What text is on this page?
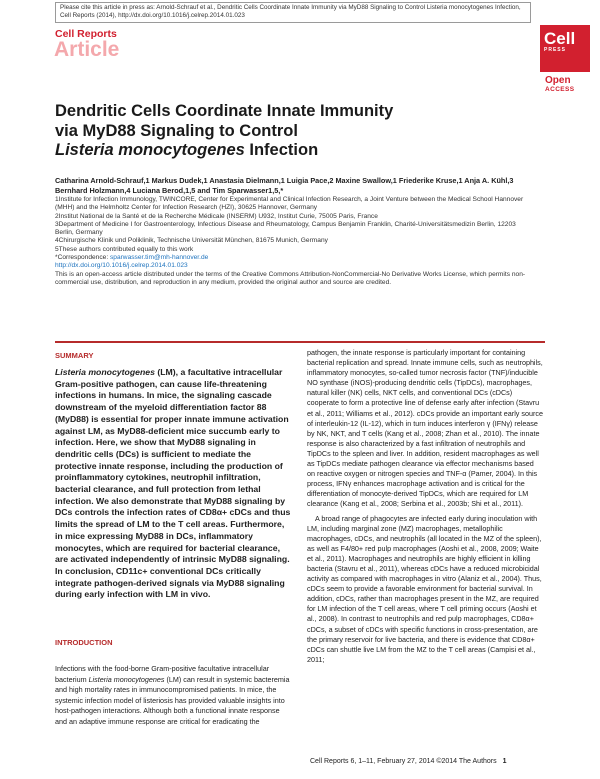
Please cite this article in press as: Arnold-Schrauf et al., Dendritic Cells Coordinate Innate Immunity via MyD88 Signaling to Control Listeria monocytogenes Infection, Cell Reports (2014), http://dx.doi.org/10.1016/j.celrep.2014.01.023
Cell Reports
Article	Cell
PRESS
Open
ACCESS
Dendritic Cells Coordinate Innate Immunity
via MyD88 Signaling to Control
Listeria monocytogenes Infection
Catharina Arnold-Schrauf,1 Markus Dudek,1 Anastasia Dielmann,1 Luigia Pace,2 Maxine Swallow,1 Friederike Kruse,1 Anja A. Kühl,3 Bernhard Holzmann,4 Luciana Berod,1,5 and Tim Sparwasser1,5,*
1Institute for Infection Immunology, TWINCORE, Center for Experimental and Clinical Infection Research, a Joint Venture between the Medical School Hannover (MHH) and the Helmholtz Center for Infection Research (HZI), 30625 Hannover, Germany
2Institut National de la Santé et de la Recherche Médicale (INSERM) U932, Institut Curie, 75005 Paris, France
3Department of Medicine I for Gastroenterology, Infectious Disease and Rheumatology, Campus Benjamin Franklin, Charité-Universitätsmedizin Berlin, 12203 Berlin, Germany
4Chirurgische Klinik und Poliklinik, Technische Universität München, 81675 Munich, Germany
5These authors contributed equally to this work
*Correspondence: sparwasser.tim@mh-hannover.de
http://dx.doi.org/10.1016/j.celrep.2014.01.023
This is an open-access article distributed under the terms of the Creative Commons Attribution-NonCommercial-No Derivative Works License, which permits non-commercial use, distribution, and reproduction in any medium, provided the original author and source are credited.
SUMMARY
Listeria monocytogenes (LM), a facultative intracellular Gram-positive pathogen, can cause life-threatening infections in humans. In mice, the signaling cascade downstream of the myeloid differentiation factor 88 (MyD88) is essential for proper innate immune activation against LM, as MyD88-deficient mice succumb early to infection. Here, we show that MyD88 signaling in dendritic cells (DCs) is sufficient to mediate the protective innate response, including the production of proinflammatory cytokines, neutrophil infiltration, bacterial clearance, and full protection from lethal infection. We also demonstrate that MyD88 signaling by DCs controls the infection rates of CD8α+ cDCs and thus limits the spread of LM to the T cell areas. Furthermore, in mice expressing MyD88 in DCs, inflammatory monocytes, which are required for bacterial clearance, are activated independently of intrinsic MyD88 signaling. In conclusion, CD11c+ conventional DCs critically integrate pathogen-derived signals via MyD88 signaling during early infection with LM in vivo.
INTRODUCTION
Infections with the food-borne Gram-positive facultative intracellular bacterium Listeria monocytogenes (LM) can result in systemic bacteremia and high mortality rates in immunocompromised patients. In mice, the systemic infection model of listeriosis has provided valuable insights into host-pathogen interactions. Although both a functional innate response and an adaptive immune response are critical for eradicating the

pathogen, the innate response is particularly important for containing bacterial replication and spread. Innate immune cells, such as neutrophils, inflammatory monocytes, so-called tumor necrosis factor (TNF)/inducible NO synthase (iNOS)-producing dendritic cells (TipDCs), macrophages, natural killer (NK) cells, NKT cells, and conventional DCs (cDCs) cooperate to form a protective line of defense early after infection (Stavru et al., 2011; Williams et al., 2012). cDCs provide an important early source of interleukin-12 (IL-12), which in turn induces interferon γ (IFNγ) release by NK, NKT, and T cells (Kang et al., 2008; Zhan et al., 2010). The innate response is also characterized by a fast infiltration of neutrophils and TipDCs to the spleen and liver. In addition, resident macrophages as well as TipDCs mediate pathogen clearance via effector mechanisms based on reactive oxygen or nitrogen species and TNF-α (Pamer, 2004). In this process, IFNγ enhances macrophage activation and is critical for the differentiation of monocyte-derived TipDCs, which are required for LM clearance (Kang et al., 2008; Serbina et al., 2003b; Shi et al., 2011).

A broad range of phagocytes are infected early during inoculation with LM, including marginal zone (MZ) macrophages, metallophilic macrophages, cDCs, and neutrophils (all located in the MZ of the spleen), as well as F4/80+ red pulp macrophages (Aoshi et al., 2008, 2009; Waite et al., 2011). Macrophages and neutrophils are highly efficient in killing bacteria (Stavru et al., 2011), whereas cDCs have a reduced microbicidal activity as compared with macrophages in vitro (Alaniz et al., 2004). Thus, cDCs seem to provide a favorable environment for bacterial survival. In addition, cDCs, rather than macrophages present in the MZ, are required for LM infection of the T cell areas, where T cell priming occurs (Aoshi et al., 2008). In contrast to neutrophils and red pulp macrophages, CD8α+ cDCs, a subset of cDCs with specific functions in cross-presentation, are the primary reservoir for live bacteria, and there is evidence that CD8α+ cDCs can shuttle live LM from the MZ to the T cell areas (Campisi et al., 2011;

Cell Reports 6, 1–11, February 27, 2014 ©2014 The Authors 1
